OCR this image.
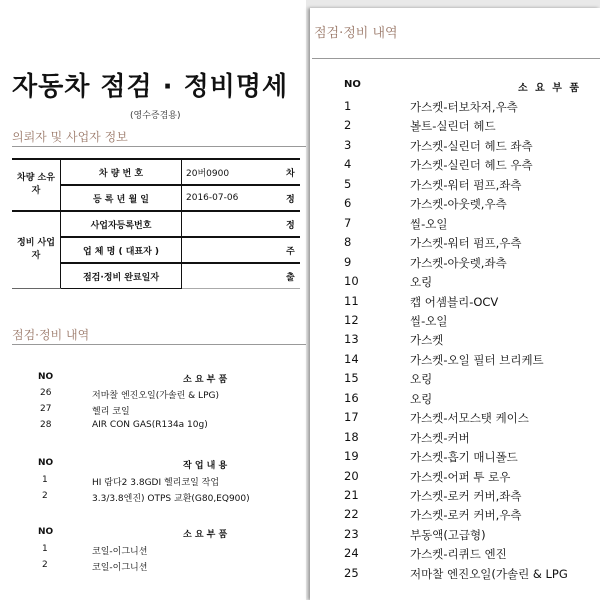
자동차 점검 · 정비명세
(영수증겸용)
의뢰자 및 사업자 정보
차량 소유자	차 량 번 호	20버0900	차
	등 록 년 월 일	2016-07-06	정
정비 사업자	사업자등록번호		정
	업 체 명 ( 대표자 )		주
	점검·정비 완료일자		출
점검·정비 내역
NO	소 요 부 품
26	저마찰 엔진오일(가솔린 & LPG)
27	헬리 코일
28	AIR CON GAS(R134a 10g)
NO	작 업 내 용
1	HI 람다2 3.8GDI 헬리코일 작업
2	3.3/3.8엔진) OTPS 교환(G80,EQ900)
NO	소 요 부 품
1	코일-이그니션
2	코일-이그니션
점검·정비 내역
NO	소 요 부 품
1	가스켓-터보차저,우측
2	볼트-실린더 헤드
3	가스켓-실린더 헤드 좌측
4	가스켓-실린더 헤드 우측
5	가스켓-워터 펌프,좌측
6	가스켓-아웃렛,우측
7	씰-오일
8	가스켓-워터 펌프,우측
9	가스켓-아웃렛,좌측
10	오링
11	캡 어셈블리-OCV
12	씰-오일
13	가스켓
14	가스켓-오일 필터 브리케트
15	오링
16	오링
17	가스켓-서모스탯 케이스
18	가스켓-커버
19	가스켓-흡기 매니폴드
20	가스켓-어퍼 투 로우
21	가스켓-로커 커버,좌측
22	가스켓-로커 커버,우측
23	부동액(고급형)
24	가스켓-리퀴드 엔진
25	저마찰 엔진오일(가솔린 & LPG
